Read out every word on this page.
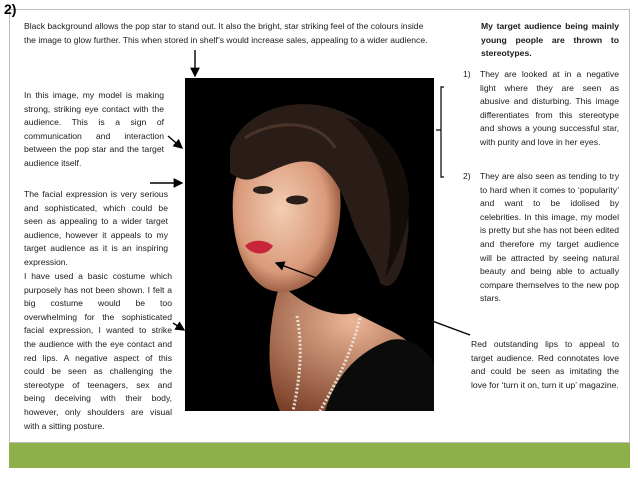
2)
Black background allows the pop star to stand out. It also the bright, star striking feel of the colours inside the image to glow further. This when stored in shelf’s would increase sales, appealing to a wider audience.
My target audience being mainly young people are thrown to stereotypes.
In this image, my model is making strong, striking eye contact with the audience. This is a sign of communication and interaction between the pop star and the target audience itself.
The facial expression is very serious and sophisticated, which could be seen as appealing to a wider target audience, however it appeals to my target audience as it is an inspiring expression.
I have used a basic costume which purposely has not been shown. I felt a big costume would be too overwhelming for the sophisticated facial expression, I wanted to strike the audience with the eye contact and red lips. A negative aspect of this could be seen as challenging the stereotype of teenagers, sex and being deceiving with their body, however, only shoulders are visual with a sitting posture.
1) They are looked at in a negative light where they are seen as abusive and disturbing. This image differentiates from this stereotype and shows a young successful star, with purity and love in her eyes.
2) They are also seen as tending to try to hard when it comes to ‘popularity’ and want to be idolised by celebrities. In this image, my model is pretty but she has not been edited and therefore my target audience will be attracted by seeing natural beauty and being able to actually compare themselves to the new pop stars.
Red outstanding lips to appeal to target audience. Red connotates love and could be seen as imitating the love for ‘turn it on, turn it up’ magazine.
